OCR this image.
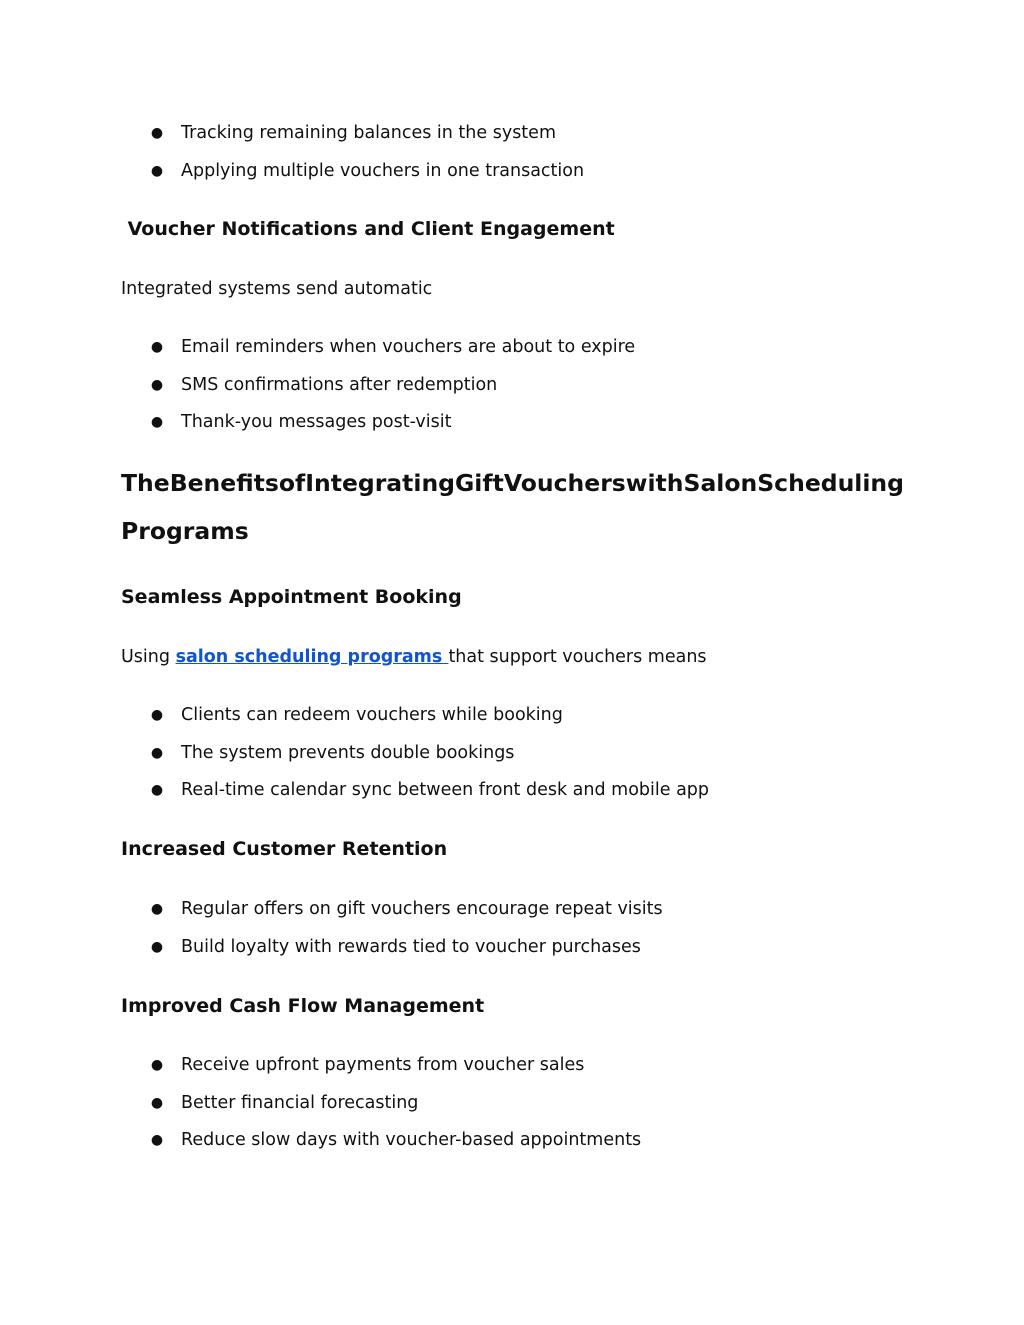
● Tracking remaining balances in the system
● Applying multiple vouchers in one transaction
Voucher Notifications and Client Engagement

Integrated systems send automatic

● Email reminders when vouchers are about to expire
● SMS confirmations after redemption
● Thank-you messages post-visit
The Benefits of Integrating Gift Vouchers with Salon Scheduling
Programs
Seamless Appointment Booking

Using salon scheduling programs that support vouchers means

● Clients can redeem vouchers while booking
● The system prevents double bookings
● Real-time calendar sync between front desk and mobile app
Increased Customer Retention
● Regular offers on gift vouchers encourage repeat visits
● Build loyalty with rewards tied to voucher purchases
Improved Cash Flow Management
● Receive upfront payments from voucher sales
● Better financial forecasting
● Reduce slow days with voucher-based appointments
